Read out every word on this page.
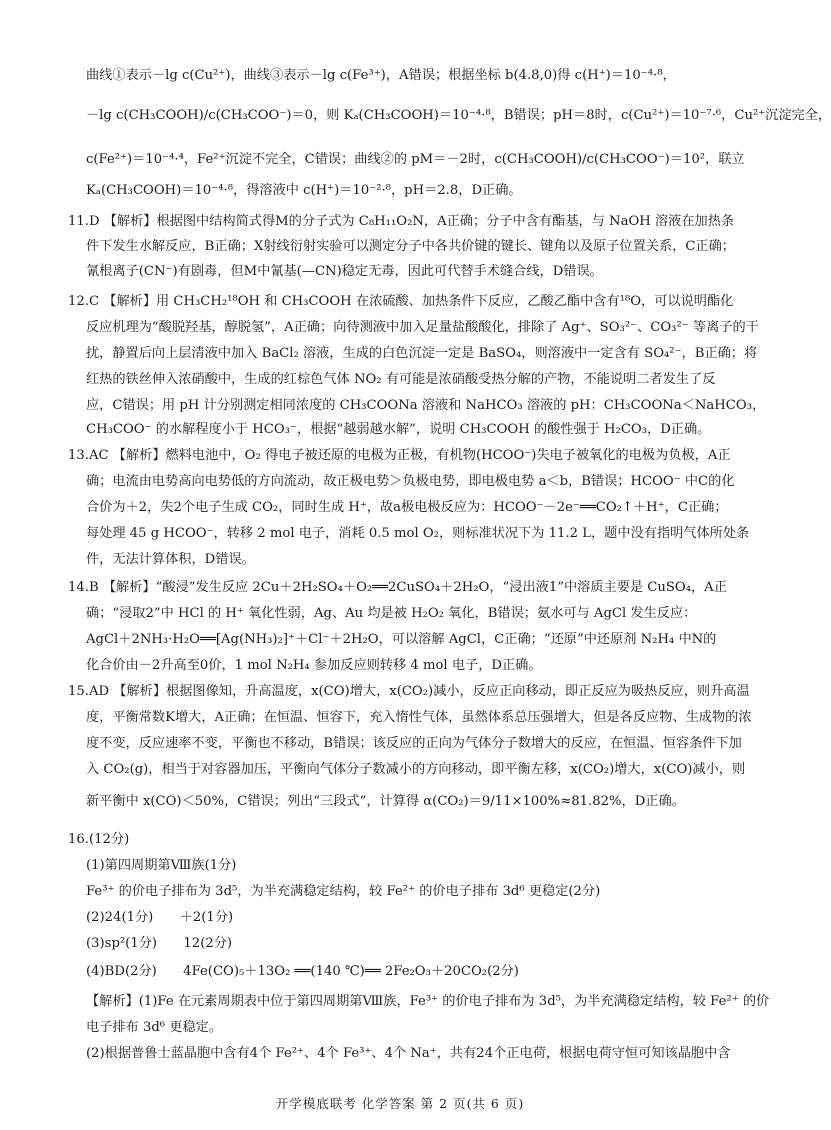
曲线①表示－lg c(Cu²⁺)，曲线③表示－lg c(Fe³⁺)，A错误；根据坐标 b(4.8,0)得 c(H⁺)＝10⁻⁴·⁸，
－lg c(CH₃COOH)/c(CH₃COO⁻)＝0，则 Kₐ(CH₃COOH)＝10⁻⁴·⁸，B错误；pH＝8时，c(Cu²⁺)＝10⁻⁷·⁶，Cu²⁺沉淀完全，
c(Fe²⁺)＝10⁻⁴·⁴，Fe²⁺沉淀不完全，C错误；曲线②的 pM＝－2时，c(CH₃COOH)/c(CH₃COO⁻)＝10²，联立
Kₐ(CH₃COOH)＝10⁻⁴·⁸，得溶液中 c(H⁺)＝10⁻²·⁸，pH＝2.8，D正确。
11.D 【解析】根据图中结构简式得M的分子式为 C₈H₁₁O₂N，A正确；分子中含有酯基，与 NaOH 溶液在加热条
件下发生水解反应，B正确；X射线衍射实验可以测定分子中各共价键的键长、键角以及原子位置关系，C正确；
氰根离子(CN⁻)有剧毒，但M中氰基(—CN)稳定无毒，因此可代替手术缝合线，D错误。
12.C 【解析】用 CH₃CH₂¹⁸OH 和 CH₃COOH 在浓硫酸、加热条件下反应，乙酸乙酯中含有¹⁸O，可以说明酯化
反应机理为“酸脱羟基，醇脱氢”，A正确；向待测液中加入足量盐酸酸化，排除了 Ag⁺、SO₃²⁻、CO₃²⁻ 等离子的干
扰，静置后向上层清液中加入 BaCl₂ 溶液，生成的白色沉淀一定是 BaSO₄，则溶液中一定含有 SO₄²⁻，B正确；将
红热的铁丝伸入浓硝酸中，生成的红棕色气体 NO₂ 有可能是浓硝酸受热分解的产物，不能说明二者发生了反
应，C错误；用 pH 计分别测定相同浓度的 CH₃COONa 溶液和 NaHCO₃ 溶液的 pH：CH₃COONa＜NaHCO₃，
CH₃COO⁻ 的水解程度小于 HCO₃⁻，根据“越弱越水解”，说明 CH₃COOH 的酸性强于 H₂CO₃，D正确。
13.AC 【解析】燃料电池中，O₂ 得电子被还原的电极为正极，有机物(HCOO⁻)失电子被氧化的电极为负极，A正
确；电流由电势高向电势低的方向流动，故正极电势＞负极电势，即电极电势 a＜b，B错误；HCOO⁻ 中C的化
合价为＋2，失2个电子生成 CO₂，同时生成 H⁺，故a极电极反应为：HCOO⁻－2e⁻══CO₂↑＋H⁺，C正确；
每处理 45 g HCOO⁻，转移 2 mol 电子，消耗 0.5 mol O₂，则标准状况下为 11.2 L，题中没有指明气体所处条
件，无法计算体积，D错误。
14.B 【解析】“酸浸”发生反应 2Cu＋2H₂SO₄＋O₂══2CuSO₄＋2H₂O，“浸出液1”中溶质主要是 CuSO₄，A正
确；“浸取2”中 HCl 的 H⁺ 氧化性弱，Ag、Au 均是被 H₂O₂ 氧化，B错误；氨水可与 AgCl 发生反应：
AgCl＋2NH₃·H₂O══[Ag(NH₃)₂]⁺＋Cl⁻＋2H₂O，可以溶解 AgCl，C正确；“还原”中还原剂 N₂H₄ 中N的
化合价由－2升高至0价，1 mol N₂H₄ 参加反应则转移 4 mol 电子，D正确。
15.AD 【解析】根据图像知，升高温度，x(CO)增大，x(CO₂)减小，反应正向移动，即正反应为吸热反应，则升高温
度，平衡常数K增大，A正确；在恒温、恒容下，充入惰性气体，虽然体系总压强增大，但是各反应物、生成物的浓
度不变，反应速率不变，平衡也不移动，B错误；该反应的正向为气体分子数增大的反应，在恒温、恒容条件下加
入 CO₂(g)，相当于对容器加压，平衡向气体分子数减小的方向移动，即平衡左移，x(CO₂)增大，x(CO)减小，则
新平衡中 x(CO)＜50%，C错误；列出“三段式”，计算得 α(CO₂)＝9/11×100%≈81.82%，D正确。
16.(12分)
(1)第四周期第Ⅷ族(1分)
Fe³⁺ 的价电子排布为 3d⁵，为半充满稳定结构，较 Fe²⁺ 的价电子排布 3d⁶ 更稳定(2分)
(2)24(1分)　　＋2(1分)
(3)sp²(1分)　　12(2分)
(4)BD(2分)　　4Fe(CO)₅＋13O₂ ══(140 ℃)══ 2Fe₂O₃＋20CO₂(2分)
【解析】(1)Fe 在元素周期表中位于第四周期第Ⅷ族，Fe³⁺ 的价电子排布为 3d⁵，为半充满稳定结构，较 Fe²⁺ 的价
电子排布 3d⁶ 更稳定。
(2)根据普鲁士蓝晶胞中含有4个 Fe²⁺、4个 Fe³⁺、4个 Na⁺，共有24个正电荷，根据电荷守恒可知该晶胞中含
开学模底联考 化学答案 第 2 页(共 6 页)
